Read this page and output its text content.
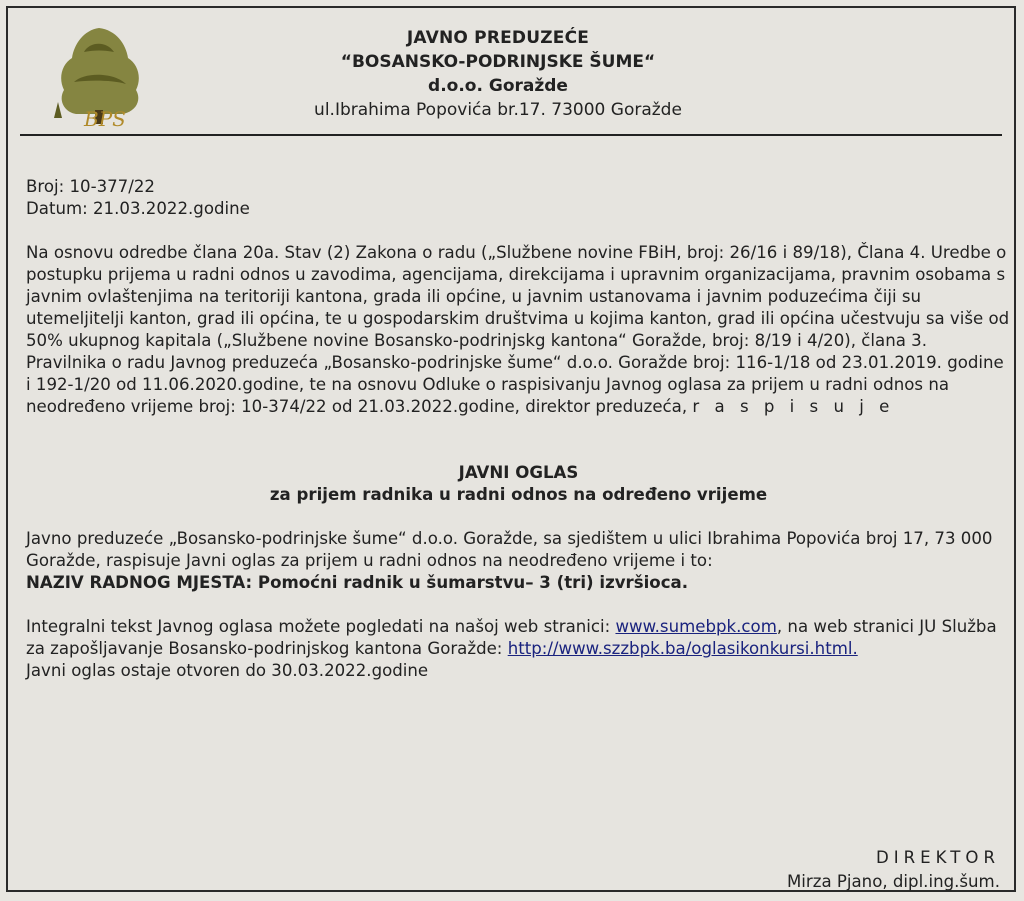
BPS
JAVNO PREDUZEĆE
“BOSANSKO-PODRINJSKE ŠUME“
d.o.o. Goražde
ul.Ibrahima Popovića br.17. 73000 Goražde

Broj: 10-377/22

Datum: 21.03.2022.godine

Na osnovu odredbe člana 20a. Stav (2) Zakona o radu („Službene novine FBiH, broj: 26/16 i 89/18), Člana 4. Uredbe o postupku prijema u radni odnos u zavodima, agencijama, direkcijama i upravnim organizacijama, pravnim osobama s javnim ovlaštenjima na teritoriji kantona, grada ili općine, u javnim ustanovama i javnim poduzećima čiji su utemeljitelji kanton, grad ili općina, te u gospodarskim društvima u kojima kanton, grad ili općina učestvuju sa više od 50% ukupnog kapitala („Službene novine Bosansko-podrinjskg kantona“ Goražde, broj: 8/19 i 4/20), člana 3. Pravilnika o radu Javnog preduzeća „Bosansko-podrinjske šume“ d.o.o. Goražde broj: 116-1/18 od 23.01.2019. godine i 192-1/20 od 11.06.2020.godine, te na osnovu Odluke o raspisivanju Javnog oglasa za prijem u radni odnos na neodređeno vrijeme broj: 10-374/22 od 21.03.2022.godine, direktor preduzeća, r a s p i s u j e

JAVNI OGLAS

za prijem radnika u radni odnos na određeno vrijeme

Javno preduzeće „Bosansko-podrinjske šume“ d.o.o. Goražde, sa sjedištem u ulici Ibrahima Popovića broj 17, 73 000 Goražde, raspisuje Javni oglas za prijem u radni odnos na neodređeno vrijeme i to:

NAZIV RADNOG MJESTA: Pomoćni radnik u šumarstvu– 3 (tri) izvršioca.

Integralni tekst Javnog oglasa možete pogledati na našoj web stranici: www.sumebpk.com, na web stranici JU Služba za zapošljavanje Bosansko-podrinjskog kantona Goražde: http://www.szzbpk.ba/oglasikonkursi.html.

Javni oglas ostaje otvoren do 30.03.2022.godine

DIREKTOR
Mirza Pjano, dipl.ing.šum.
